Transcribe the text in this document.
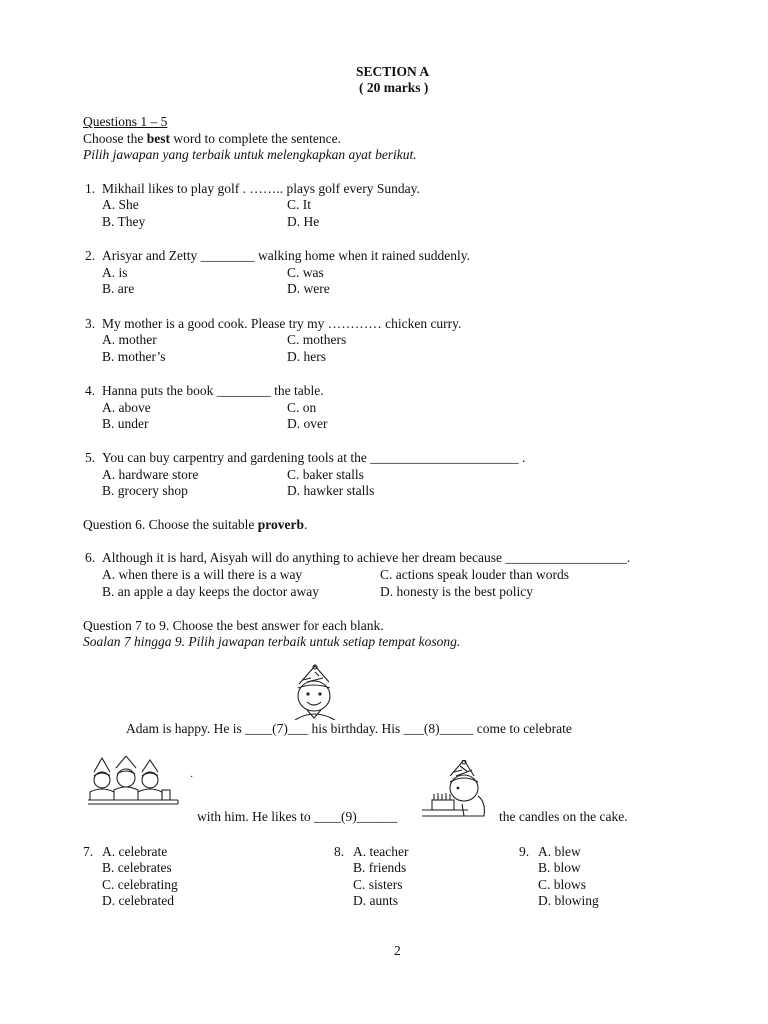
SECTION A
( 20 marks )
Questions 1 – 5
Choose the best word to complete the sentence.
Pilih jawapan yang terbaik untuk melengkapkan ayat berikut.
1. Mikhail likes to play golf . …….. plays golf every Sunday.
A. She	C. It
B. They	D. He
2. Arisyar and Zetty ________ walking home when it rained suddenly.
A. is	C. was
B. are	D. were
3. My mother is a good cook. Please try my ………… chicken curry.
A. mother	C. mothers
B. mother’s	D. hers
4. Hanna puts the book ________ the table.
A. above	C. on
B. under	D. over
5. You can buy carpentry and gardening tools at the ______________________ .
A. hardware store	C. baker stalls
B. grocery shop	D. hawker stalls
Question 6. Choose the suitable proverb.
6. Although it is hard, Aisyah will do anything to achieve her dream because __________________.
A. when there is a will there is a way	C. actions speak louder than words
B. an apple a day keeps the doctor away	D. honesty is the best policy
Question 7 to 9. Choose the best answer for each blank.
Soalan 7 hingga 9. Pilih jawapan terbaik untuk setiap tempat kosong.
Adam is happy. He is ____(7)___ his birthday. His ___(8)_____ come to celebrate
·
with him. He likes to ____(9)______	the candles on the cake.
7. A. celebrate
B. celebrates
C. celebrating
D. celebrated
8. A. teacher
B. friends
C. sisters
D. aunts
9. A. blew
B. blow
C. blows
D. blowing
2
